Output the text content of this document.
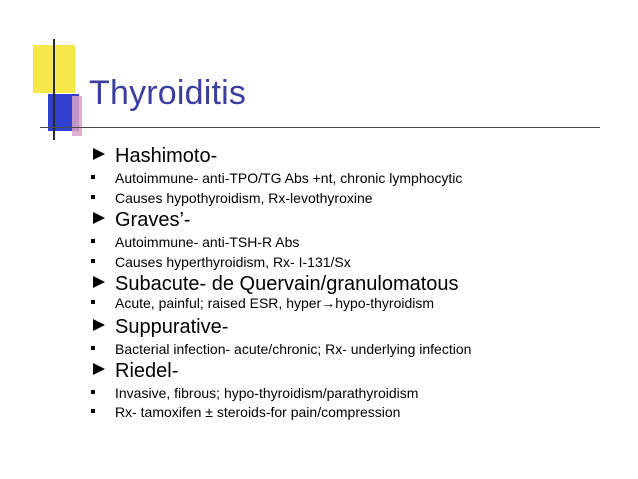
Thyroiditis
Hashimoto-
Autoimmune- anti-TPO/TG Abs +nt, chronic lymphocytic
Causes hypothyroidism, Rx-levothyroxine
Graves’-
Autoimmune- anti-TSH-R Abs
Causes hyperthyroidism, Rx- I-131/Sx
Subacute- de Quervain/granulomatous
Acute, painful; raised ESR, hyper→hypo-thyroidism
Suppurative-
Bacterial infection- acute/chronic; Rx- underlying infection
Riedel-
Invasive, fibrous; hypo-thyroidism/parathyroidism
Rx- tamoxifen ± steroids-for pain/compression
